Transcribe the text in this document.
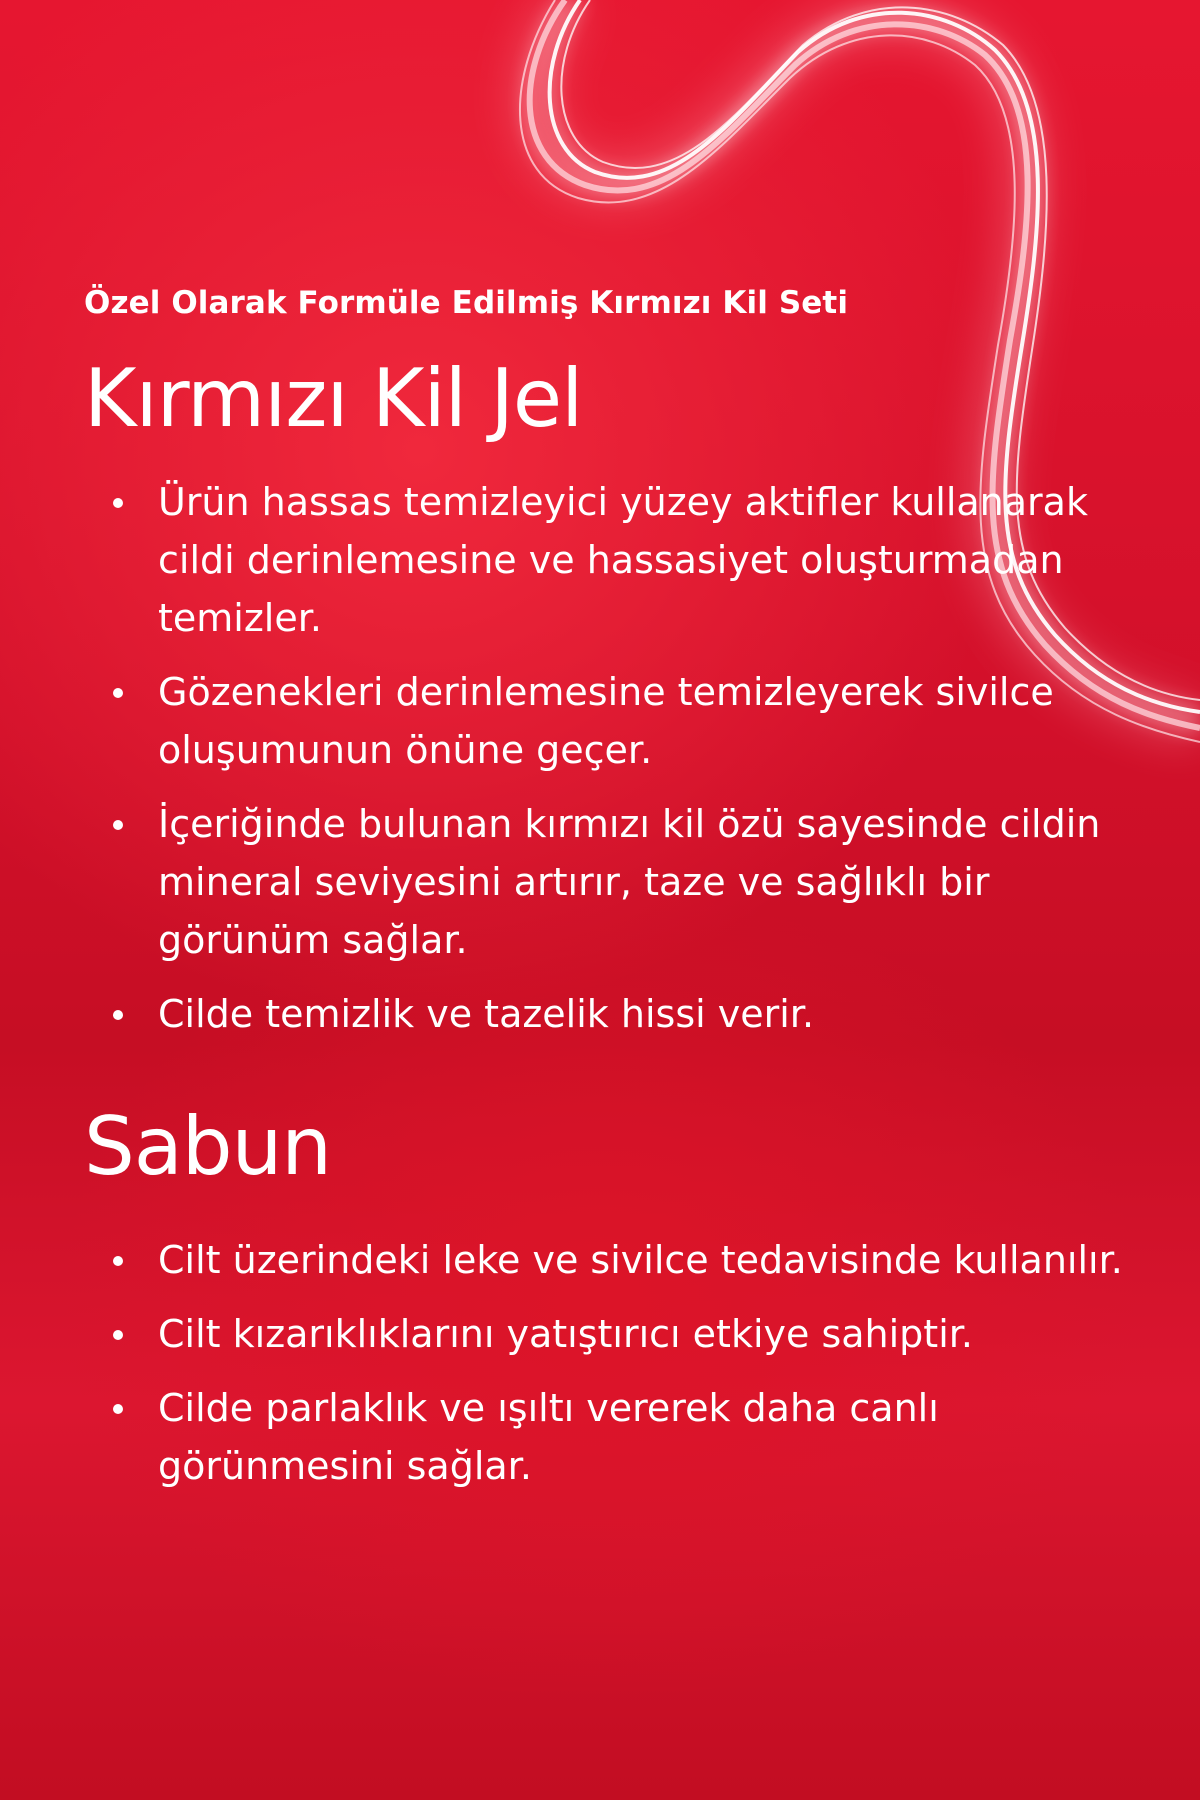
Özel Olarak Formüle Edilmiş Kırmızı Kil Seti

Kırmızı Kil Jel
Ürün hassas temizleyici yüzey aktifler kullanarak cildi derinlemesine ve hassasiyet oluşturmadan temizler.
Gözenekleri derinlemesine temizleyerek sivilce oluşumunun önüne geçer.
İçeriğinde bulunan kırmızı kil özü sayesinde cildin mineral seviyesini artırır, taze ve sağlıklı bir görünüm sağlar.
Cilde temizlik ve tazelik hissi verir.
Sabun
Cilt üzerindeki leke ve sivilce tedavisinde kullanılır.
Cilt kızarıklıklarını yatıştırıcı etkiye sahiptir.
Cilde parlaklık ve ışıltı vererek daha canlı görünmesini sağlar.
